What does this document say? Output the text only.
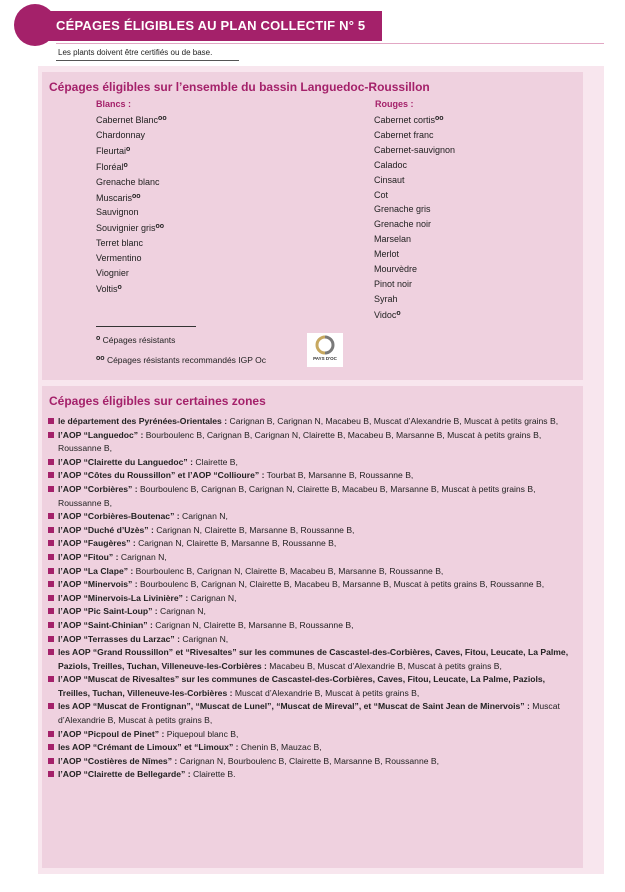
CÉPAGES ÉLIGIBLES AU PLAN COLLECTIF N° 5
Les plants doivent être certifiés ou de base.
Cépages éligibles sur l’ensemble du bassin Languedoc-Roussillon
Blancs :
Cabernet Blanc$^{oo}$
Chardonnay
Fleurtai$^o$
Floréal$^o$
Grenache blanc
Muscaris$^{oo}$
Sauvignon
Souvignier gris$^{oo}$
Terret blanc
Vermentino
Viognier
Voltis$^o$
Rouges :
Cabernet cortis$^{oo}$
Cabernet franc
Cabernet-sauvignon
Caladoc
Cinsaut
Cot
Grenache gris
Grenache noir
Marselan
Merlot
Mourvèdre
Pinot noir
Syrah
Vidoc$^o$
$^o$ Cépages résistants
$^{oo}$ Cépages résistants recommandés IGP Oc	PAYS D'OC
Cépages éligibles sur certaines zones
le département des Pyrénées-Orientales : Carignan B, Carignan N, Macabeu B, Muscat d’Alexandrie B, Muscat à petits grains B,
l’AOP “Languedoc” : Bourboulenc B, Carignan B, Carignan N, Clairette B, Macabeu B, Marsanne B, Muscat à petits grains B, Roussanne B,
l’AOP “Clairette du Languedoc” : Clairette B,
l’AOP “Côtes du Roussillon” et l’AOP “Collioure” : Tourbat B, Marsanne B, Roussanne B,
l’AOP “Corbières” : Bourboulenc B, Carignan B, Carignan N, Clairette B, Macabeu B, Marsanne B, Muscat à petits grains B, Roussanne B,
l’AOP “Corbières-Boutenac” : Carignan N,
l’AOP “Duché d’Uzès” : Carignan N, Clairette B, Marsanne B, Roussanne B,
l’AOP “Faugères” : Carignan N, Clairette B, Marsanne B, Roussanne B,
l’AOP “Fitou” : Carignan N,
l’AOP “La Clape” : Bourboulenc B, Carignan N, Clairette B, Macabeu B, Marsanne B, Roussanne B,
l’AOP “Minervois” : Bourboulenc B, Carignan N, Clairette B, Macabeu B, Marsanne B, Muscat à petits grains B, Roussanne B,
l’AOP “Minervois-La Livinière” : Carignan N,
l’AOP “Pic Saint-Loup” : Carignan N,
l’AOP “Saint-Chinian” : Carignan N, Clairette B, Marsanne B, Roussanne B,
l’AOP “Terrasses du Larzac” : Carignan N,
les AOP “Grand Roussillon” et “Rivesaltes” sur les communes de Cascastel-des-Corbières, Caves, Fitou, Leucate, La Palme, Paziols, Treilles, Tuchan, Villeneuve-les-Corbières : Macabeu B, Muscat d’Alexandrie B, Muscat à petits grains B,
l’AOP “Muscat de Rivesaltes” sur les communes de Cascastel-des-Corbières, Caves, Fitou, Leucate, La Palme, Paziols, Treilles, Tuchan, Villeneuve-les-Corbières : Muscat d’Alexandrie B, Muscat à petits grains B,
les AOP “Muscat de Frontignan”, “Muscat de Lunel”, “Muscat de Mireval”, et “Muscat de Saint Jean de Minervois” : Muscat d’Alexandrie B, Muscat à petits grains B,
l’AOP “Picpoul de Pinet” : Piquepoul blanc B,
les AOP “Crémant de Limoux” et “Limoux” : Chenin B, Mauzac B,
l’AOP “Costières de Nîmes” : Carignan N, Bourboulenc B, Clairette B, Marsanne B, Roussanne B,
l’AOP “Clairette de Bellegarde” : Clairette B.
